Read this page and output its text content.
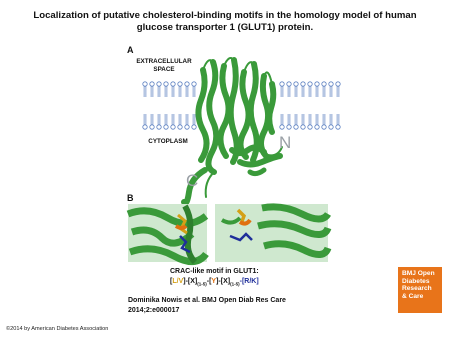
Localization of putative cholesterol-binding motifs in the homology model of human glucose transporter 1 (GLUT1) protein.
A
EXTRACELLULAR
SPACE
CYTOPLASM	N
C
B
CRAC-like motif in GLUT1:
$[L/V]-[X]_{(1-5)}-[Y]-[X]_{(1-5)}-[R/K]$
Dominika Nowis et al. BMJ Open Diab Res Care
2014;2:e000017
BMJ Open
Diabetes
Research
& Care
©2014 by American Diabetes Association
